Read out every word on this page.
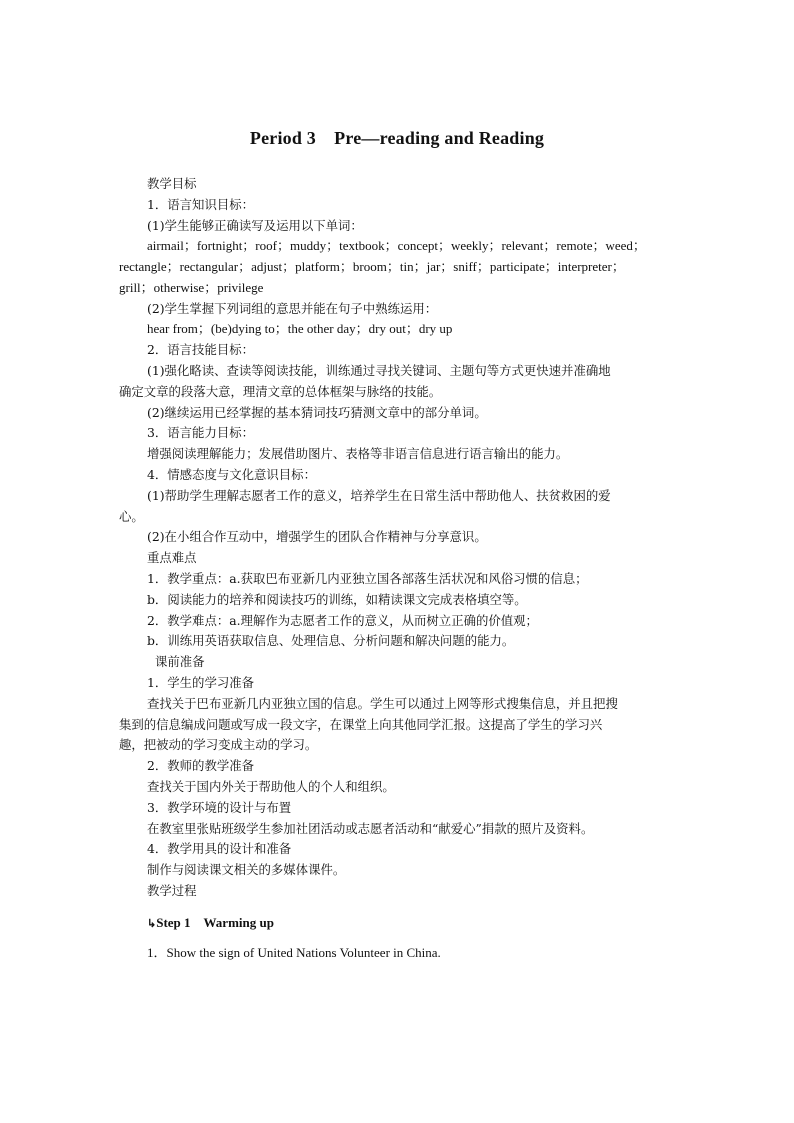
Period 3　Pre—reading and Reading
教学目标
1．语言知识目标：
(1)学生能够正确读写及运用以下单词：
airmail；fortnight；roof；muddy；textbook；concept；weekly；relevant；remote；weed；
rectangle；rectangular；adjust；platform；broom；tin；jar；sniff；participate；interpreter；
grill；otherwise；privilege
(2)学生掌握下列词组的意思并能在句子中熟练运用：
hear from；(be)dying to；the other day；dry out；dry up
2．语言技能目标：
(1)强化略读、查读等阅读技能，训练通过寻找关键词、主题句等方式更快速并准确地
确定文章的段落大意，理清文章的总体框架与脉络的技能。
(2)继续运用已经掌握的基本猜词技巧猜测文章中的部分单词。
3．语言能力目标：
增强阅读理解能力；发展借助图片、表格等非语言信息进行语言输出的能力。
4．情感态度与文化意识目标：
(1)帮助学生理解志愿者工作的意义，培养学生在日常生活中帮助他人、扶贫救困的爱
心。
(2)在小组合作互动中，增强学生的团队合作精神与分享意识。
重点难点
1．教学重点：a.获取巴布亚新几内亚独立国各部落生活状况和风俗习惯的信息；
b．阅读能力的培养和阅读技巧的训练，如精读课文完成表格填空等。
2．教学难点：a.理解作为志愿者工作的意义，从而树立正确的价值观；
b．训练用英语获取信息、处理信息、分析问题和解决问题的能力。
课前准备
1．学生的学习准备
查找关于巴布亚新几内亚独立国的信息。学生可以通过上网等形式搜集信息，并且把搜
集到的信息编成问题或写成一段文字，在课堂上向其他同学汇报。这提高了学生的学习兴
趣，把被动的学习变成主动的学习。
2．教师的教学准备
查找关于国内外关于帮助他人的个人和组织。
3．教学环境的设计与布置
在教室里张贴班级学生参加社团活动或志愿者活动和“献爱心”捐款的照片及资料。
4．教学用具的设计和准备
制作与阅读课文相关的多媒体课件。
教学过程
↳Step 1　Warming up
1．Show the sign of United Nations Volunteer in China.
